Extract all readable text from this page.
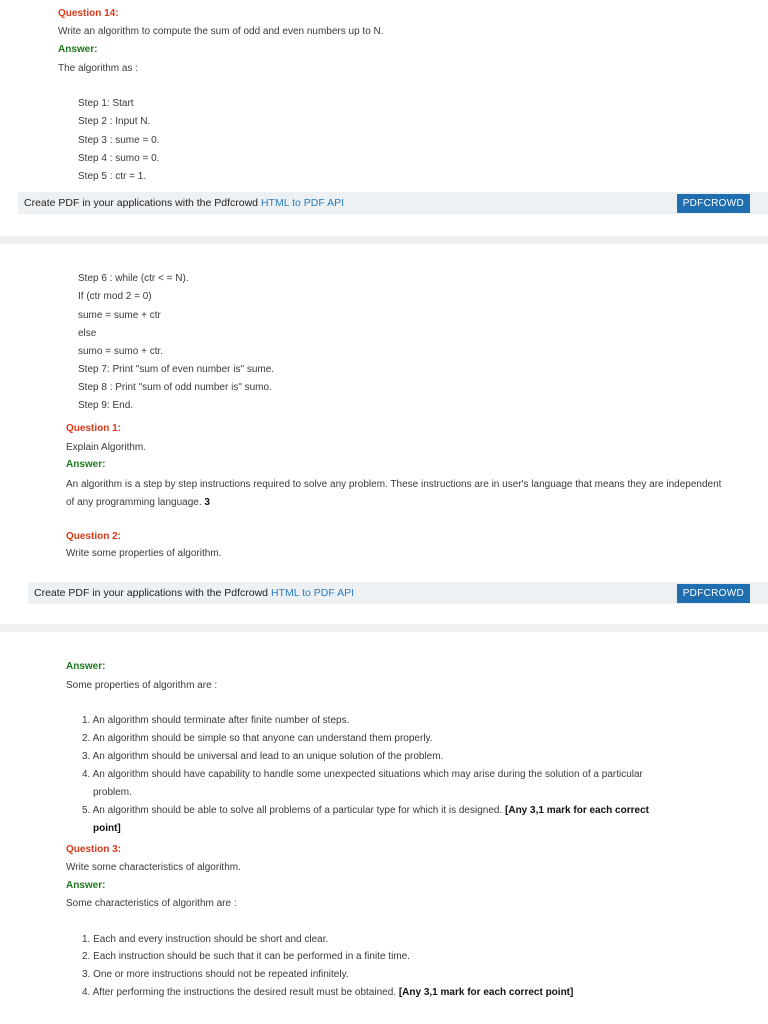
Question 14:
Write an algorithm to compute the sum of odd and even numbers up to N.
Answer:
The algorithm as :
Step 1: Start
Step 2 : Input N.
Step 3 : sume = 0.
Step 4 : sumo = 0.
Step 5 : ctr = 1.
Create PDF in your applications with the Pdfcrowd HTML to PDF API	PDFCROWD
Step 6 : while (ctr < = N).
If (ctr mod 2 = 0)
sume = sume + ctr
else
sumo = sumo + ctr.
Step 7: Print "sum of even number is" sume.
Step 8 : Print "sum of odd number is" sumo.
Step 9: End.
Question 1:
Explain Algorithm.
Answer:
An algorithm is a step by step instructions required to solve any problem. These instructions are in user's language that means they are independent of any programming language. 3
Question 2:
Write some properties of algorithm.
Create PDF in your applications with the Pdfcrowd HTML to PDF API	PDFCROWD
Answer:
Some properties of algorithm are :
1. An algorithm should terminate after finite number of steps.
2. An algorithm should be simple so that anyone can understand them properly.
3. An algorithm should be universal and lead to an unique solution of the problem.
4. An algorithm should have capability to handle some unexpected situations which may arise during the solution of a particular
problem.
5. An algorithm should be able to solve all problems of a particular type for which it is designed. [Any 3,1 mark for each correct
point]
Question 3:
Write some characteristics of algorithm.
Answer:
Some characteristics of algorithm are :
1. Each and every instruction should be short and clear.
2. Each instruction should be such that it can be performed in a finite time.
3. One or more instructions should not be repeated infinitely.
4. After performing the instructions the desired result must be obtained. [Any 3,1 mark for each correct point]
